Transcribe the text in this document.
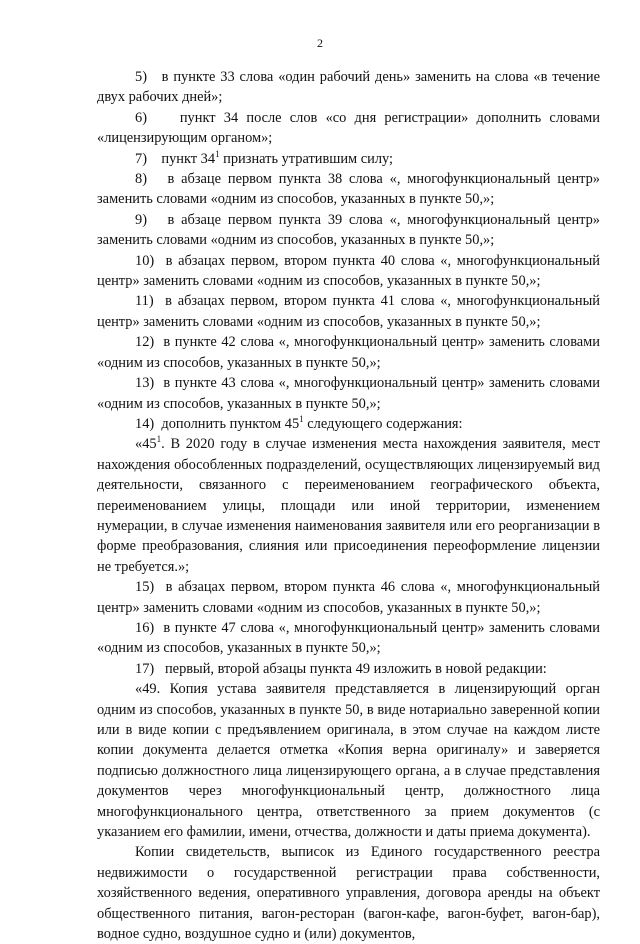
2

5)   в пункте 33 слова «один рабочий день» заменить на слова «в течение двух рабочих дней»;

6)    пункт 34 после слов «со дня регистрации» дополнить словами «лицензирующим органом»;

7)    пункт $34^1$ признать утратившим силу;

8)   в абзаце первом пункта 38 слова «, многофункциональный центр» заменить словами «одним из способов, указанных в пункте 50,»;

9)   в абзаце первом пункта 39 слова «, многофункциональный центр» заменить словами «одним из способов, указанных в пункте 50,»;

10)  в абзацах первом, втором пункта 40 слова «, многофункциональный центр» заменить словами «одним из способов, указанных в пункте 50,»;

11)  в абзацах первом, втором пункта 41 слова «, многофункциональный центр» заменить словами «одним из способов, указанных в пункте 50,»;

12)  в пункте 42 слова «, многофункциональный центр» заменить словами «одним из способов, указанных в пункте 50,»;

13)  в пункте 43 слова «, многофункциональный центр» заменить словами «одним из способов, указанных в пункте 50,»;

14)  дополнить пунктом $45^1$ следующего содержания:

«$45^1$. В 2020 году в случае изменения места нахождения заявителя, мест нахождения обособленных подразделений, осуществляющих лицензируемый вид деятельности, связанного с переименованием географического объекта, переименованием улицы, площади или иной территории, изменением нумерации, в случае изменения наименования заявителя или его реорганизации в форме преобразования, слияния или присоединения переоформление лицензии не требуется.»;

15)  в абзацах первом, втором пункта 46 слова «, многофункциональный центр» заменить словами «одним из способов, указанных в пункте 50,»;

16)  в пункте 47 слова «, многофункциональный центр» заменить словами «одним из способов, указанных в пункте 50,»;

17)   первый, второй абзацы пункта 49 изложить в новой редакции:

«49. Копия устава заявителя представляется в лицензирующий орган одним из способов, указанных в пункте 50, в виде нотариально заверенной копии или в виде копии с предъявлением оригинала, в этом случае на каждом листе копии документа делается отметка «Копия верна оригиналу» и заверяется подписью должностного лица лицензирующего органа, а в случае представления документов через многофункциональный центр, должностного лица многофункционального центра, ответственного за прием документов (с указанием его фамилии, имени, отчества, должности и даты приема документа).

Копии свидетельств, выписок из Единого государственного реестра недвижимости о государственной регистрации права собственности, хозяйственного ведения, оперативного управления, договора аренды на объект общественного питания, вагон-ресторан (вагон-кафе, вагон-буфет, вагон-бар), водное судно, воздушное судно и (или) документов,
